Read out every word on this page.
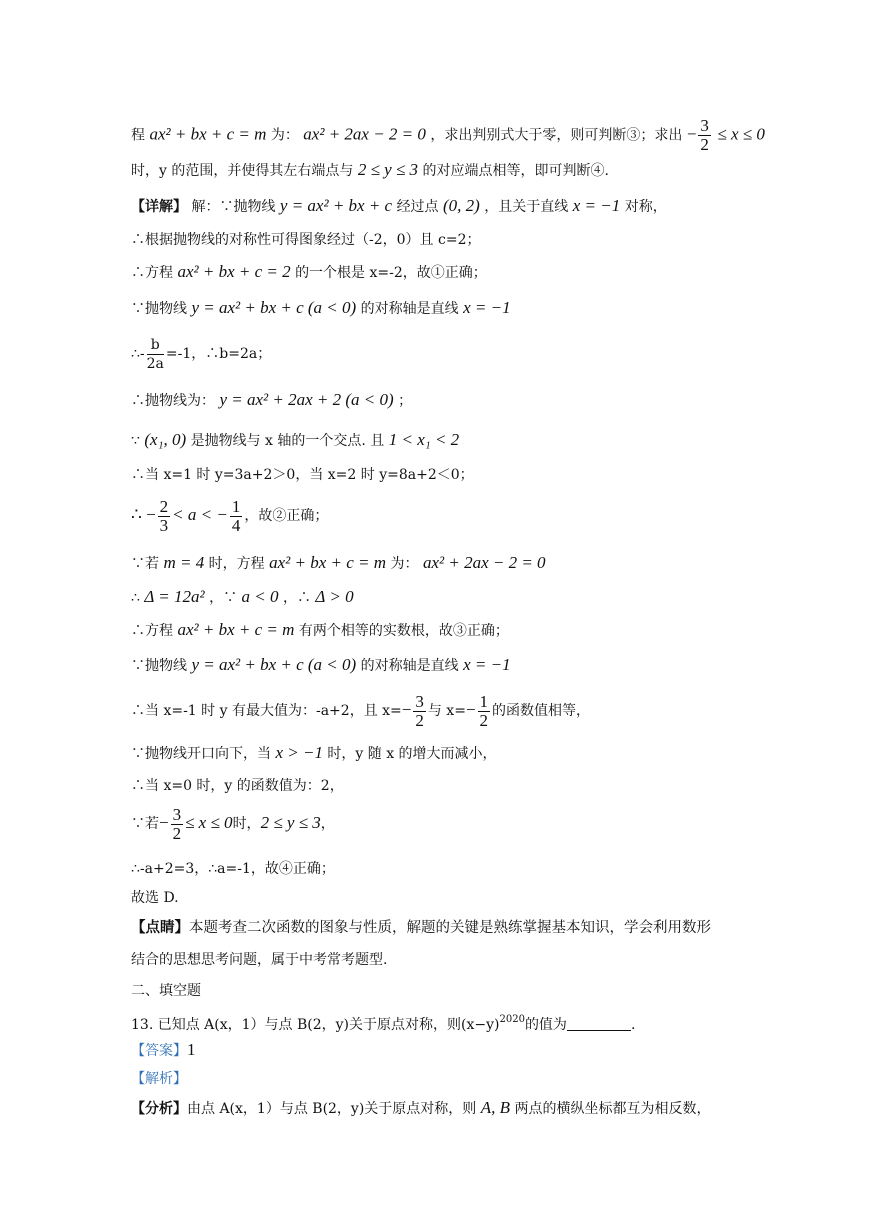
程 ax² + bx + c = m 为： ax² + 2ax − 2 = 0 ，求出判别式大于零，则可判断③；求出 − $\frac{3}{2} \le x \le 0$
时，y 的范围，并使得其左右端点与 2 ≤ y ≤ 3 的对应端点相等，即可判断④.
【详解】 解：∵抛物线 y = ax² + bx + c 经过点 (0, 2) ，且关于直线 x = −1 对称，
∴根据抛物线的对称性可得图象经过（-2，0）且 c=2；
∴方程 ax² + bx + c = 2 的一个根是 x=-2，故①正确；
∵抛物线 y = ax² + bx + c (a < 0) 的对称轴是直线 x = −1
∴- $\frac{b}{2a} =-1$，∴b=2a；
∴抛物线为： y = ax² + 2ax + 2 (a < 0) ；
∵ (x₁, 0) 是抛物线与 x 轴的一个交点. 且 1 < x₁ < 2
∴当 x=1 时 y=3a+2＞0，当 x=2 时 y=8a+2＜0；
∴ − $\frac{2}{3} < a$ < − $\frac{1}{4}$ ，故②正确；
∵若 m = 4 时，方程 ax² + bx + c = m 为： ax² + 2ax − 2 = 0
∴ Δ = 12a² ，∵ a < 0 ，∴ Δ > 0
∴方程 ax² + bx + c = m 有两个相等的实数根，故③正确；
∵抛物线 y = ax² + bx + c (a < 0) 的对称轴是直线 x = −1
∴当 x=-1 时 y 有最大值为：-a+2，且 $x=- \frac{3}{2}$ 与 $x=- \frac{1}{2}$ 的函数值相等，
∵抛物线开口向下，当 x > −1 时，y 随 x 的增大而减小，
∴当 x=0 时，y 的函数值为：2，
∵若− $\frac{3}{2} \le x \le 0$时，2 ≤ y ≤ 3，
∴-a+2=3，∴a=-1，故④正确；
故选 D.
【点睛】本题考查二次函数的图象与性质，解题的关键是熟练掌握基本知识，学会利用数形
结合的思想思考问题，属于中考常考题型.
二、填空题
13. 已知点 A(x，1）与点 B(2，y)关于原点对称，则$(x-y)^{2020}$的值为	.
【答案】1
【解析】
【分析】由点 A(x，1）与点 B(2，y)关于原点对称，则 A, B 两点的横纵坐标都互为相反数，
